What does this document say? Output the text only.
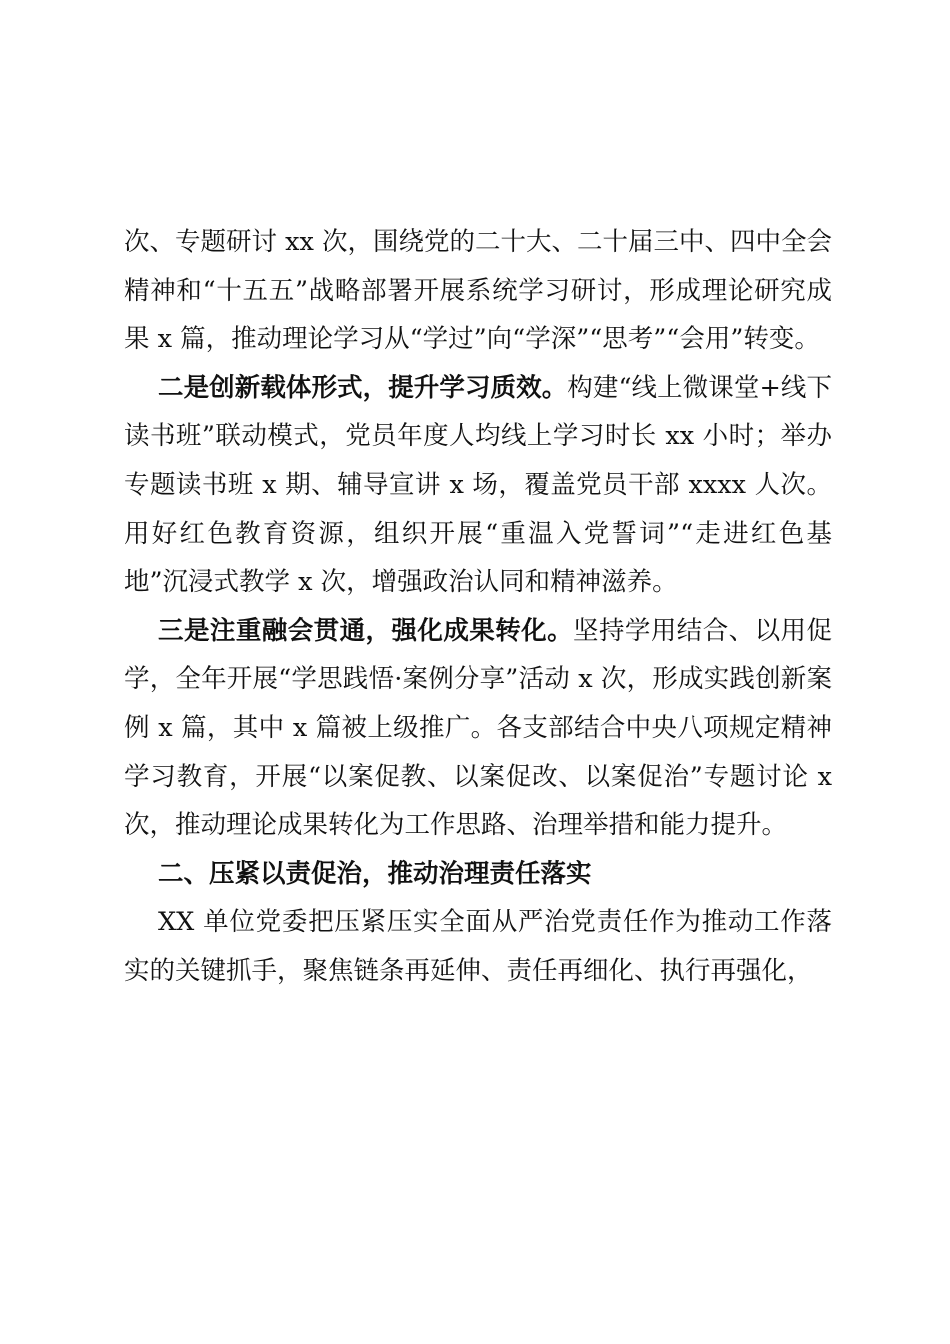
次、专题研讨 xx 次，围绕党的二十大、二十届三中、四中全会精神和“十五五”战略部署开展系统学习研讨，形成理论研究成果 x 篇，推动理论学习从“学过”向“学深”“思考”“会用”转变。

二是创新载体形式，提升学习质效。构建“线上微课堂+线下读书班”联动模式，党员年度人均线上学习时长 xx 小时；举办专题读书班 x 期、辅导宣讲 x 场，覆盖党员干部 xxxx 人次。用好红色教育资源，组织开展“重温入党誓词”“走进红色基地”沉浸式教学 x 次，增强政治认同和精神滋养。

三是注重融会贯通，强化成果转化。坚持学用结合、以用促学，全年开展“学思践悟·案例分享”活动 x 次，形成实践创新案例 x 篇，其中 x 篇被上级推广。各支部结合中央八项规定精神学习教育，开展“以案促教、以案促改、以案促治”专题讨论 x 次，推动理论成果转化为工作思路、治理举措和能力提升。

二、压紧以责促治，推动治理责任落实

XX 单位党委把压紧压实全面从严治党责任作为推动工作落实的关键抓手，聚焦链条再延伸、责任再细化、执行再强化，
